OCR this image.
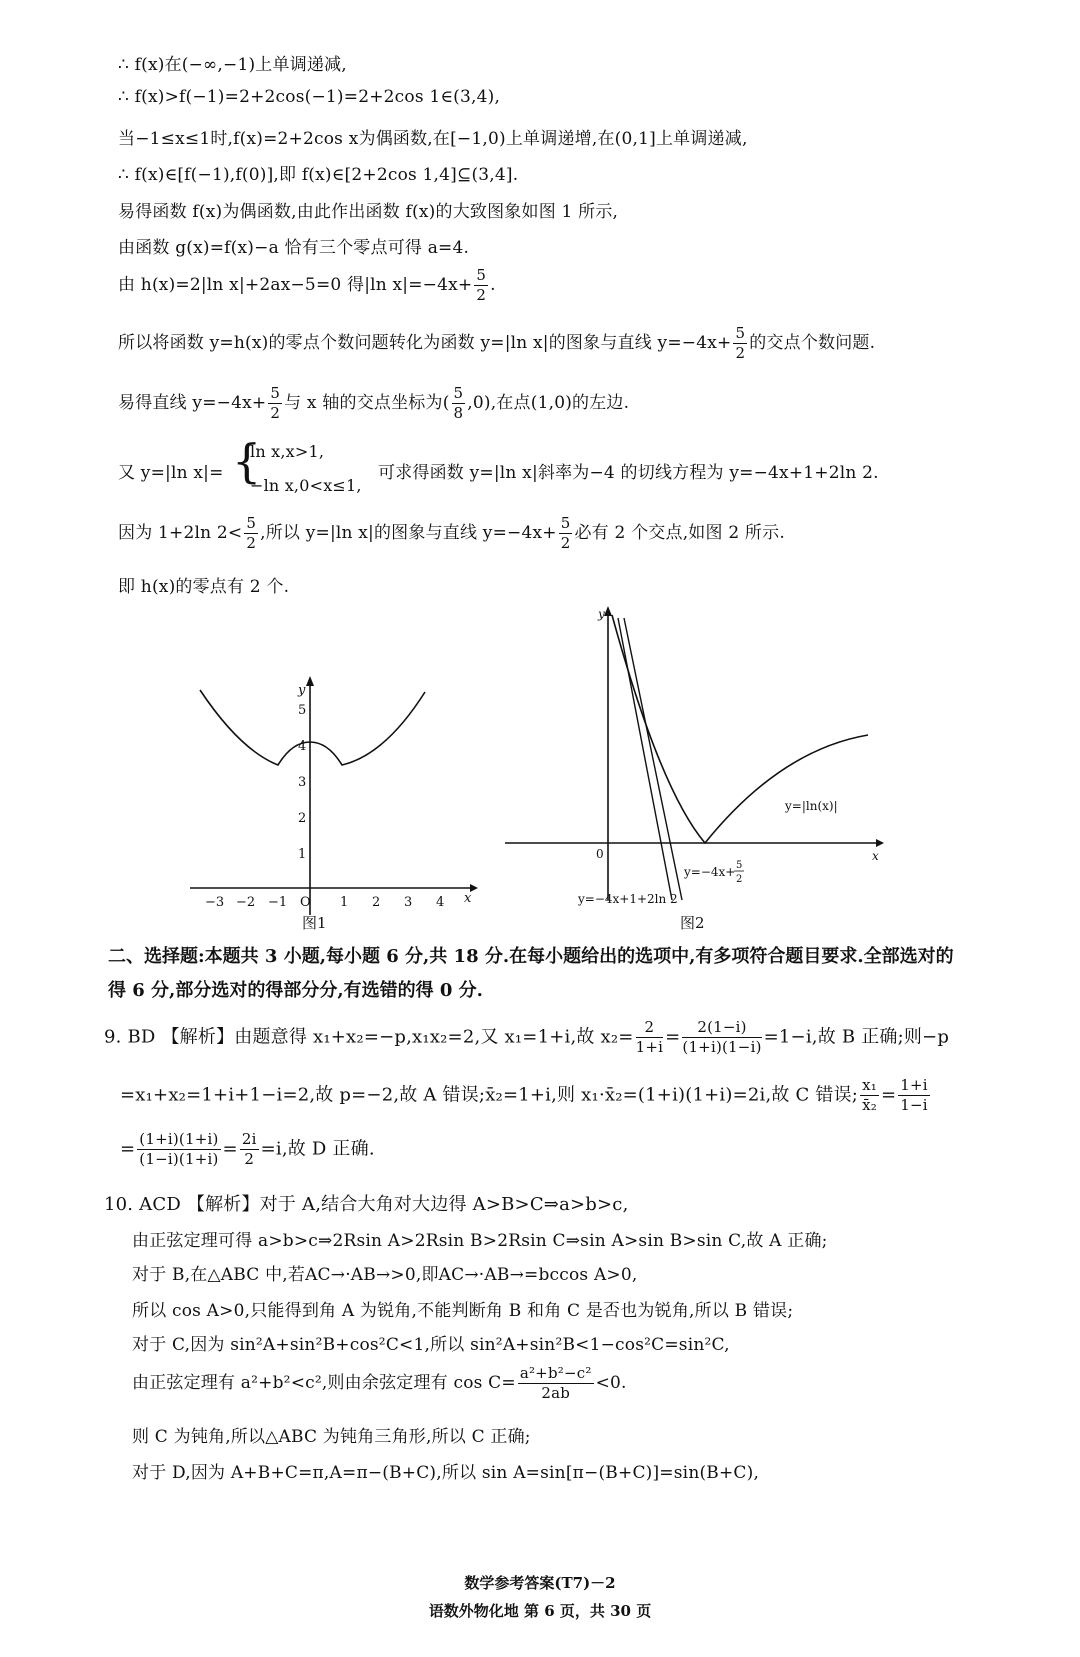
∴ f(x)在(−∞,−1)上单调递减,
∴ f(x)>f(−1)=2+2cos(−1)=2+2cos 1∈(3,4),
当−1≤x≤1时,f(x)=2+2cos x为偶函数,在[−1,0)上单调递增,在(0,1]上单调递减,
∴ f(x)∈[f(−1),f(0)],即 f(x)∈[2+2cos 1,4]⊆(3,4].
易得函数 f(x)为偶函数,由此作出函数 f(x)的大致图象如图 1 所示,
由函数 g(x)=f(x)−a 恰有三个零点可得 a=4.
由 h(x)=2|ln x|+2ax−5=0 得|ln $x|=-4x+ \frac{5}{2}$ .
所以将函数 y=h(x)的零点个数问题转化为函数 y=|ln x|的图象与直线 $y=-4x+ \frac{5}{2}$ 的交点个数问题.
易得直线 $y=-4x+ \frac{5}{2}$ 与 x 轴的交点坐标为( $\frac{5}{8} ,0$),在点(1,0)的左边.
又 y=|ln x|= {
ln x,x>1,
−ln x,0<x≤1,
可求得函数 y=|ln x|斜率为−4 的切线方程为 y=−4x+1+2ln 2.
因为 1+2ln $2< \frac{5}{2}$ ,所以 y=|ln x|的图象与直线 $y=-4x+ \frac{5}{2}$ 必有 2 个交点,如图 2 所示.
即 h(x)的零点有 2 个.
−3 −2 −1 O 1 2 3 4 x
1
2
3
4
5
y
图1
y
0	x
y=|ln(x)|
y=−4x+ 5
2
y=−4x+1+2ln 2
图2
二、选择题:本题共 3 小题,每小题 6 分,共 18 分.在每小题给出的选项中,有多项符合题目要求.全部选对的得 6 分,部分选对的得部分分,有选错的得 0 分.
9. BD 【解析】由题意得 x₁+x₂=−p,x₁x₂=2,又 x₁=1+i,故 $x_2= \frac{2}{1+i} = \frac{2(1-i)}{(1+i)(1-i)} =1-i$,故 B 正确;则−p
=x₁+x₂=1+i+1−i=2,故 p=−2,故 A 错误;x̄₂=1+i,则 x₁·x̄₂=(1+i)(1+i)=2i,故 C 错误; $\frac{\text{x₁}}{\text{x̄₂}} = \frac{1+i}{1-i}$
= $\frac{(1+i)(1+i)}{(1-i)(1+i)} = \frac{2i}{2} =i$,故 D 正确.
10. ACD 【解析】对于 A,结合大角对大边得 A>B>C⇒a>b>c,
由正弦定理可得 a>b>c⇒2Rsin A>2Rsin B>2Rsin C⇒sin A>sin B>sin C,故 A 正确;
对于 B,在△ABC 中,若AC→·AB→>0,即AC→·AB→=bccos A>0,
所以 cos A>0,只能得到角 A 为锐角,不能判断角 B 和角 C 是否也为锐角,所以 B 错误;
对于 C,因为 sin²A+sin²B+cos²C<1,所以 sin²A+sin²B<1−cos²C=sin²C,
由正弦定理有 a²+b²<c²,则由余弦定理有 $\cos C= \frac{\text{a²+b²−c²}}{2ab} <0$.
则 C 为钝角,所以△ABC 为钝角三角形,所以 C 正确;
对于 D,因为 A+B+C=π,A=π−(B+C),所以 sin A=sin[π−(B+C)]=sin(B+C),
数学参考答案(T7)－2
语数外物化地 第 6 页，共 30 页
